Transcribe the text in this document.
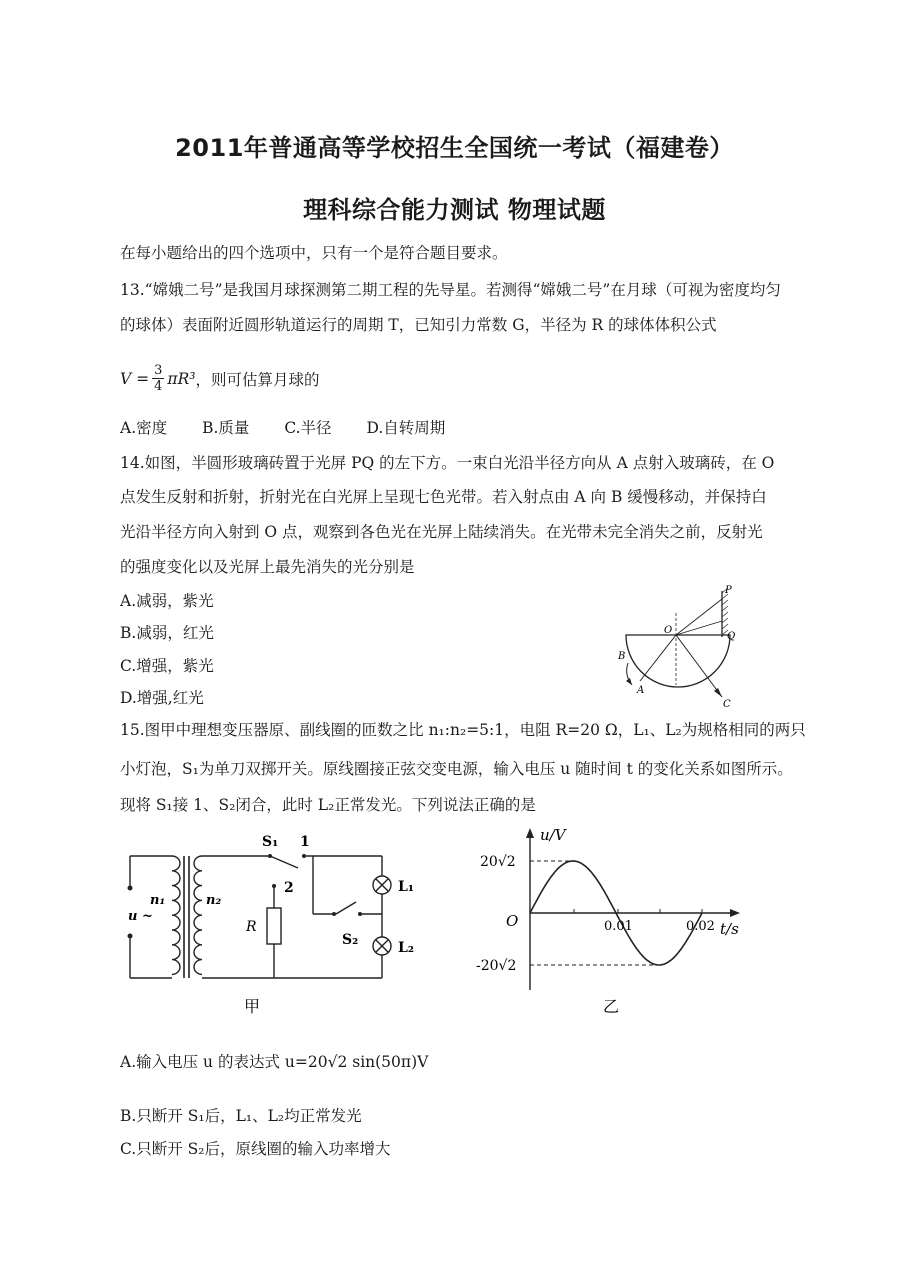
2011年普通高等学校招生全国统一考试（福建卷）
理科综合能力测试 物理试题
在每小题给出的四个选项中，只有一个是符合题目要求。
13.“嫦娥二号”是我国月球探测第二期工程的先导星。若测得“嫦娥二号”在月球（可视为密度均匀
的球体）表面附近圆形轨道运行的周期 T，已知引力常数 G，半径为 R 的球体体积公式
$V = \frac{3}{4} \pi R^3$ ，则可估算月球的
A.密度 B.质量 C.半径 D.自转周期
14.如图，半圆形玻璃砖置于光屏 PQ 的左下方。一束白光沿半径方向从 A 点射入玻璃砖，在 O
点发生反射和折射，折射光在白光屏上呈现七色光带。若入射点由 A 向 B 缓慢移动，并保持白
光沿半径方向入射到 O 点，观察到各色光在光屏上陆续消失。在光带未完全消失之前，反射光
的强度变化以及光屏上最先消失的光分别是
A.减弱，紫光
B.减弱，红光
C.增强，紫光
D.增强,红光
P
Q
O
A
B
C
15.图甲中理想变压器原、副线圈的匝数之比 n₁:n₂=5:1，电阻 R=20 Ω，L₁、L₂为规格相同的两只
小灯泡，S₁为单刀双掷开关。原线圈接正弦交变电源，输入电压 u 随时间 t 的变化关系如图所示。
现将 S₁接 1、S₂闭合，此时 L₂正常发光。下列说法正确的是
S₁ 1
2
n₁	n₂
u ~
R
S₂
L₁
L₂
甲
u/V
t/s
O
20√2
-20√2
0.01	0.02
乙
A.输入电压 u 的表达式 u=20√2 sin(50π)V
B.只断开 S₁后，L₁、L₂均正常发光
C.只断开 S₂后，原线圈的输入功率增大
